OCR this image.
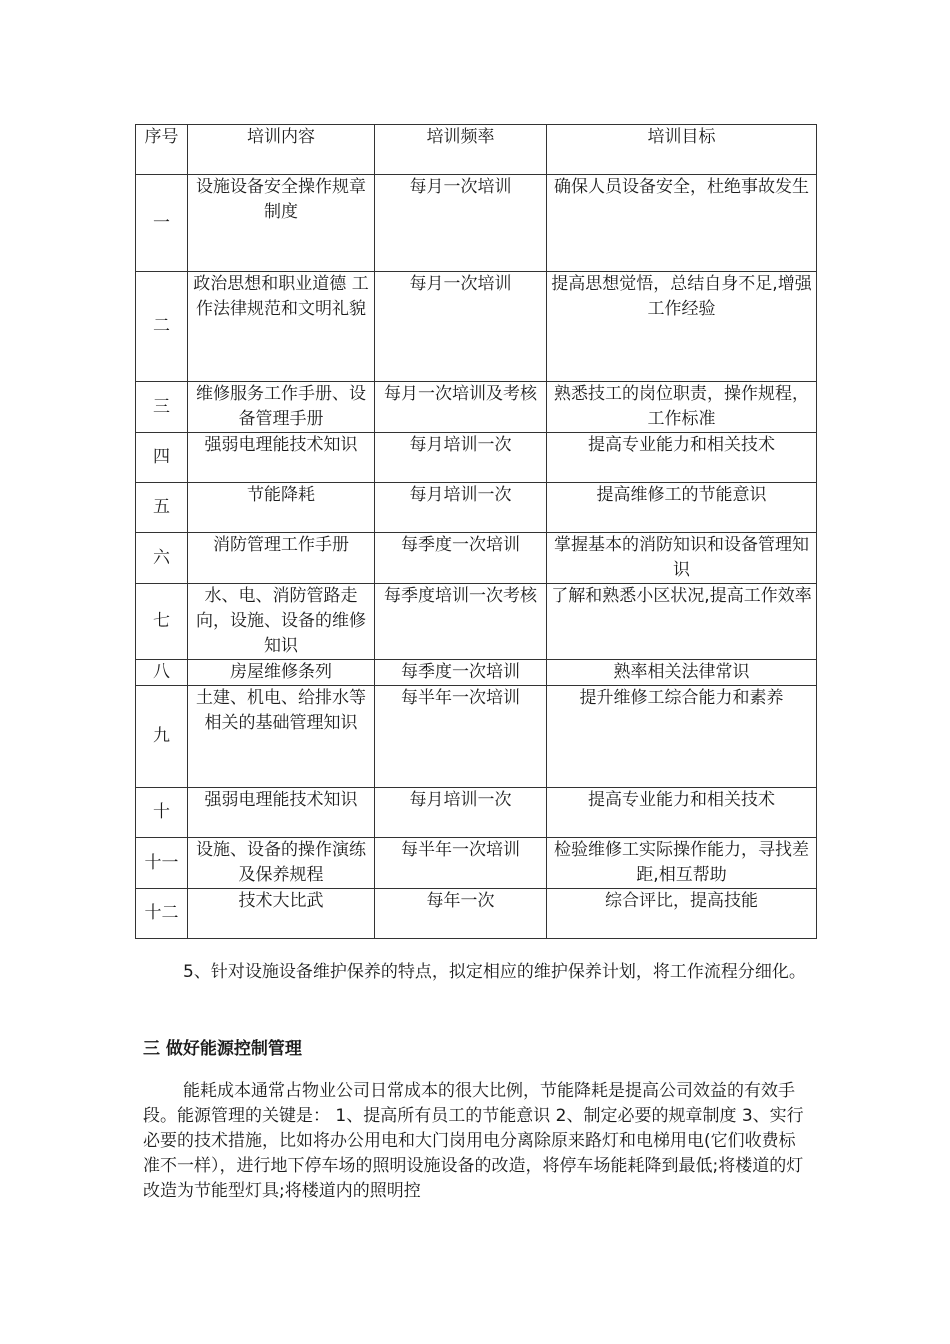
序号	培训内容	培训频率	培训目标
一	设施设备安全操作规章制度	每月一次培训	确保人员设备安全，杜绝事故发生
二	政治思想和职业道德 工作法律规范和文明礼貌	每月一次培训	提高思想觉悟，总结自身不足,增强工作经验
三	维修服务工作手册、设备管理手册	每月一次培训及考核	熟悉技工的岗位职责，操作规程，工作标准
四	强弱电理能技术知识	每月培训一次	提高专业能力和相关技术
五	节能降耗	每月培训一次	提高维修工的节能意识
六	消防管理工作手册	每季度一次培训	掌握基本的消防知识和设备管理知识
七	水、电、消防管路走向，设施、设备的维修知识	每季度培训一次考核	了解和熟悉小区状况,提高工作效率
八	房屋维修条列	每季度一次培训	熟率相关法律常识
九	土建、机电、给排水等相关的基础管理知识	每半年一次培训	提升维修工综合能力和素养
十	强弱电理能技术知识	每月培训一次	提高专业能力和相关技术
十一	设施、设备的操作演练及保养规程	每半年一次培训	检验维修工实际操作能力，寻找差距,相互帮助
十二	技术大比武	每年一次	综合评比，提高技能

5、针对设施设备维护保养的特点，拟定相应的维护保养计划，将工作流程分细化。

三 做好能源控制管理

能耗成本通常占物业公司日常成本的很大比例，节能降耗是提高公司效益的有效手段。能源管理的关键是： 1、提高所有员工的节能意识 2、制定必要的规章制度 3、实行必要的技术措施，比如将办公用电和大门岗用电分离除原来路灯和电梯用电(它们收费标准不一样），进行地下停车场的照明设施设备的改造，将停车场能耗降到最低;将楼道的灯改造为节能型灯具;将楼道内的照明控
